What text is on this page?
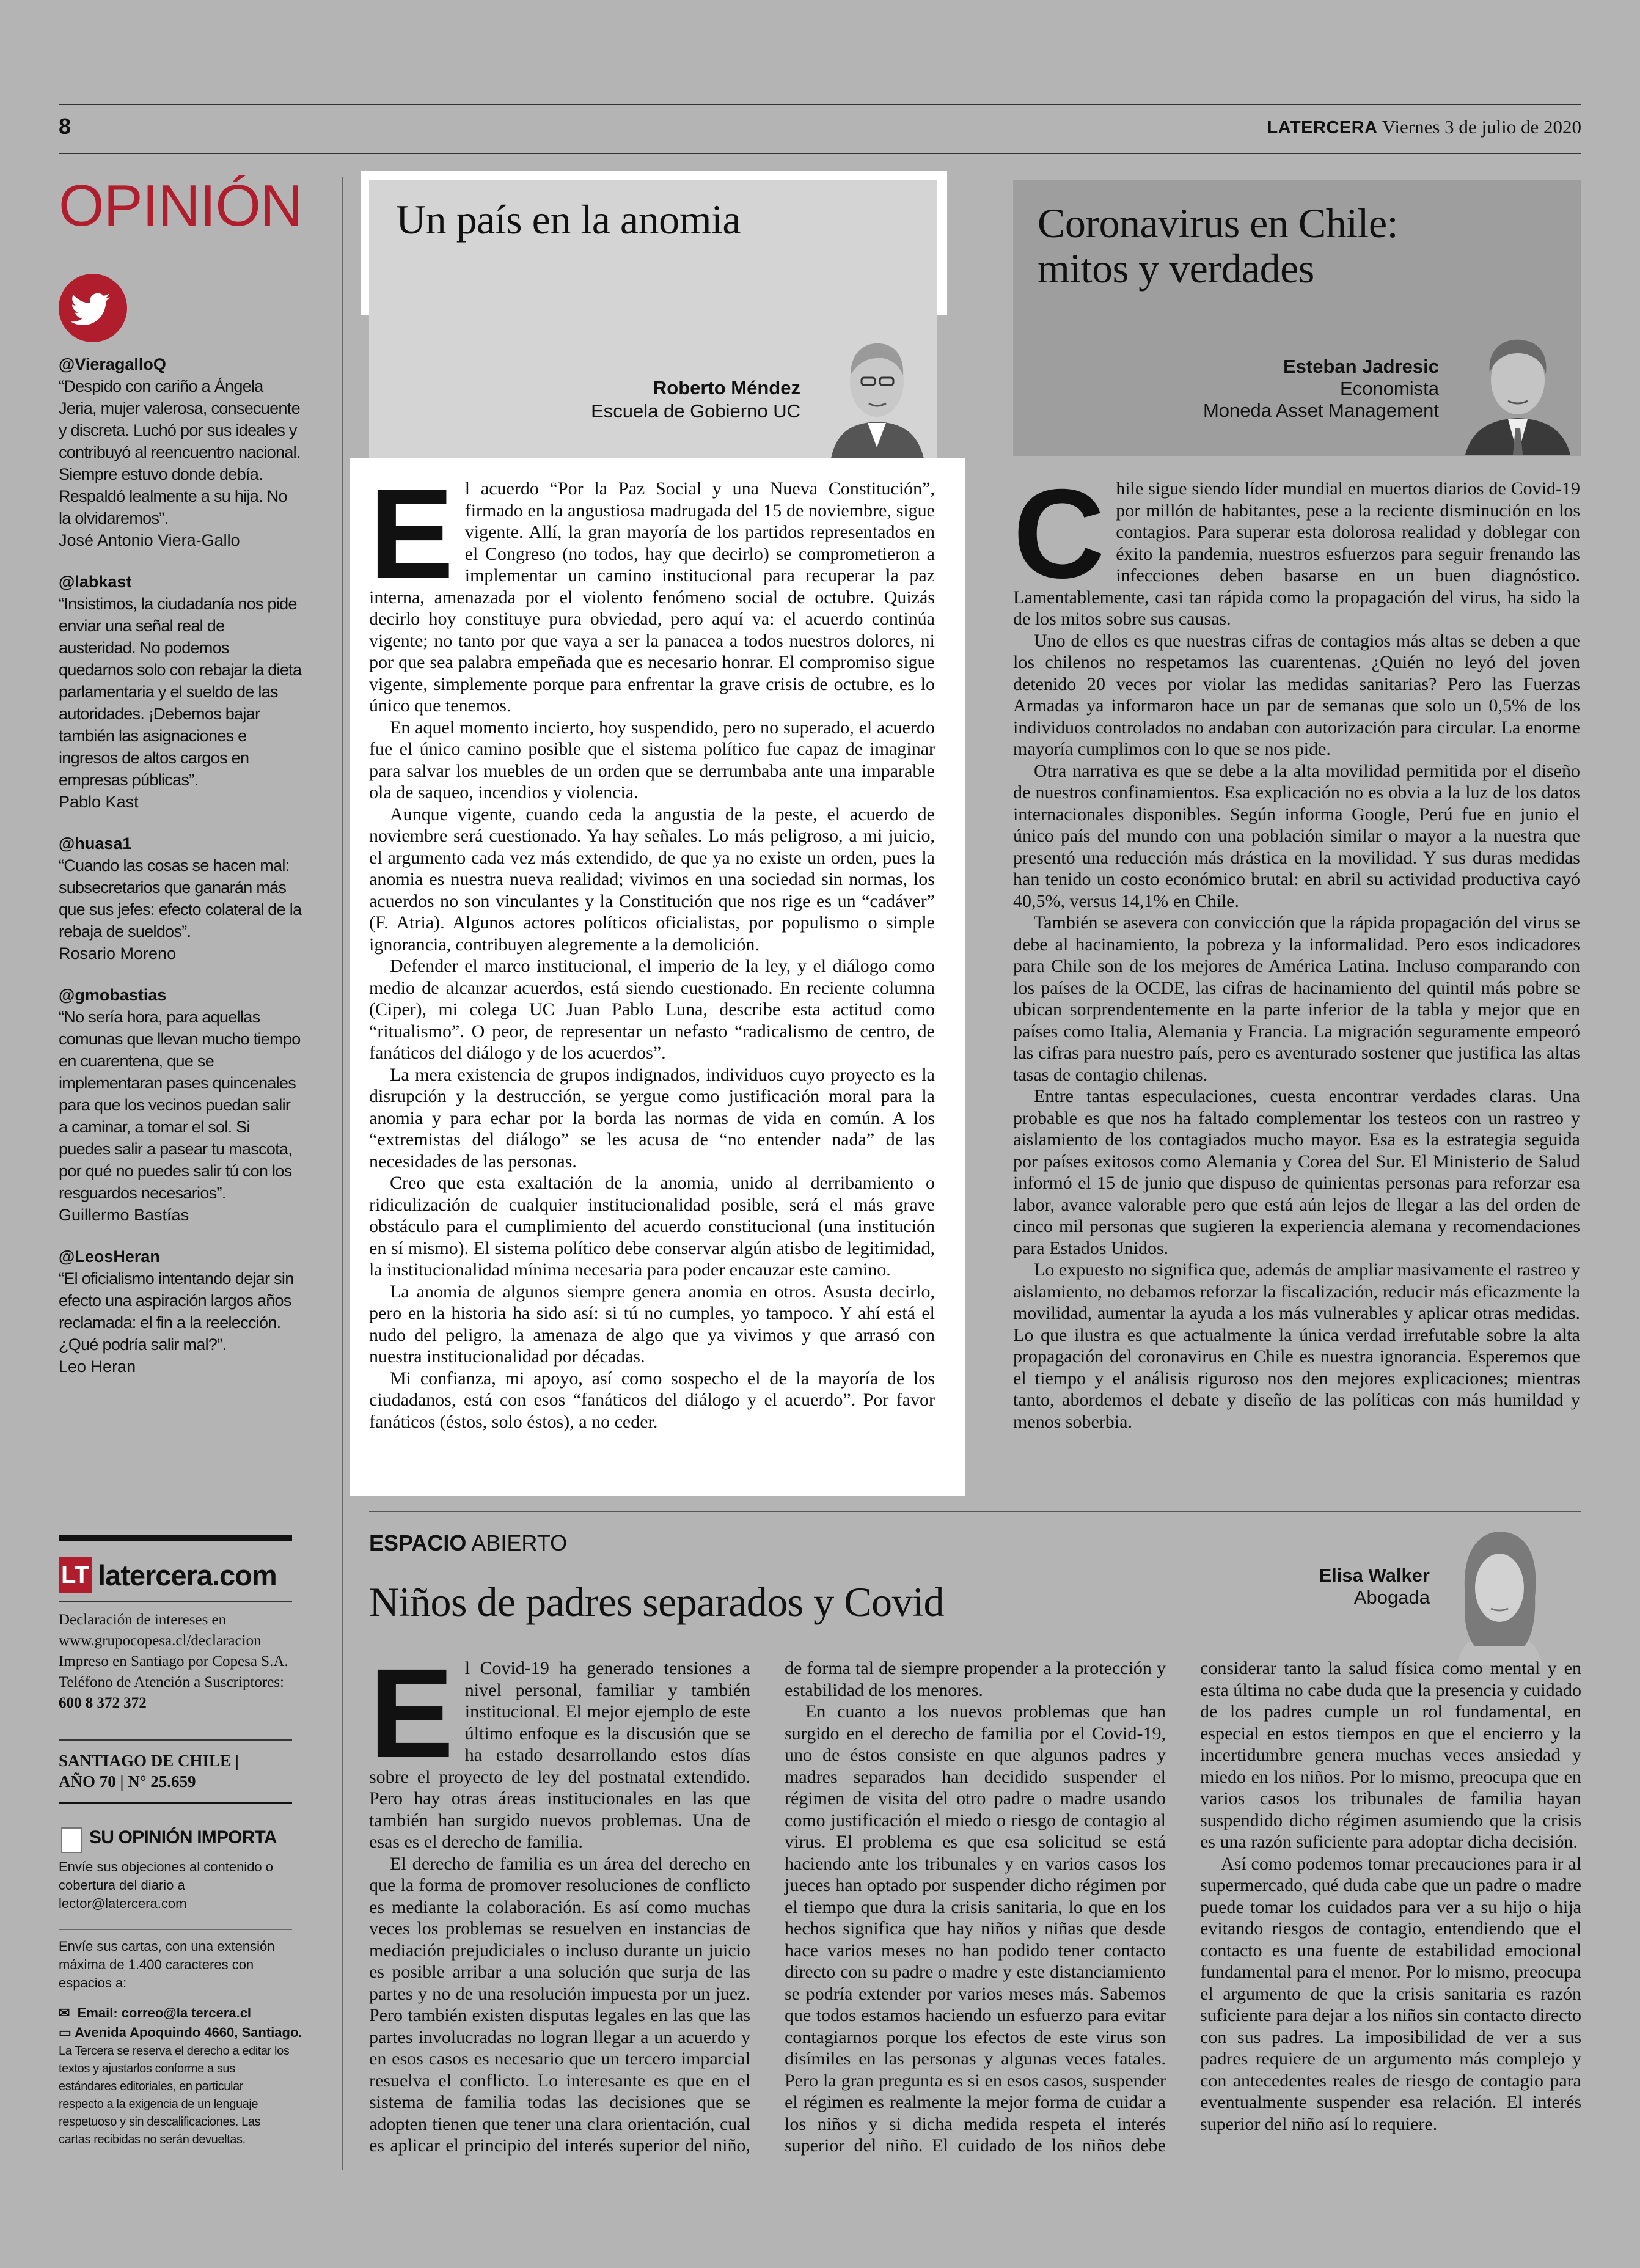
8	LATERCERA Viernes 3 de julio de 2020
OPINIÓN
@VieragalloQ
“Despido con cariño a Ángela Jeria, mujer valerosa, consecuente y discreta. Luchó por sus ideales y contribuyó al reencuentro nacional. Siempre estuvo donde debía. Respaldó lealmente a su hija. No la olvidaremos”.
José Antonio Viera-Gallo
@labkast
“Insistimos, la ciudadanía nos pide enviar una señal real de austeridad. No podemos quedarnos solo con rebajar la dieta parlamentaria y el sueldo de las autoridades. ¡Debemos bajar también las asignaciones e ingresos de altos cargos en empresas públicas”.
Pablo Kast
@huasa1
“Cuando las cosas se hacen mal: subsecretarios que ganarán más que sus jefes: efecto colateral de la rebaja de sueldos”.
Rosario Moreno
@gmobastias
“No sería hora, para aquellas comunas que llevan mucho tiempo en cuarentena, que se implementaran pases quincenales para que los vecinos puedan salir a caminar, a tomar el sol. Si puedes salir a pasear tu mascota, por qué no puedes salir tú con los resguardos necesarios”.
Guillermo Bastías
@LeosHeran
“El oficialismo intentando dejar sin efecto una aspiración largos años reclamada: el fin a la reelección. ¿Qué podría salir mal?”.
Leo Heran
LT latercera.com
Declaración de intereses en www.grupocopesa.cl/declaracion Impreso en Santiago por Copesa S.A. Teléfono de Atención a Suscriptores: 600 8 372 372
SANTIAGO DE CHILE |
AÑO 70 | N° 25.659
SU OPINIÓN IMPORTA
Envíe sus objeciones al contenido o cobertura del diario a lector@latercera.com
Envíe sus cartas, con una extensión máxima de 1.400 caracteres con espacios a:
✉ Email: correo@la tercera.cl
▭ Avenida Apoquindo 4660, Santiago.
La Tercera se reserva el derecho a editar los textos y ajustarlos conforme a sus estándares editoriales, en particular respecto a la exigencia de un lenguaje respetuoso y sin descalificaciones. Las cartas recibidas no serán devueltas.
Un país en la anomia
Roberto Méndez
Escuela de Gobierno UC

El acuerdo “Por la Paz Social y una Nueva Constitución”, firmado en la angustiosa madrugada del 15 de noviembre, sigue vigente. Allí, la gran mayoría de los partidos representados en el Congreso (no todos, hay que decirlo) se comprometieron a implementar un camino institucional para recuperar la paz interna, amenazada por el violento fenómeno social de octubre. Quizás decirlo hoy constituye pura obviedad, pero aquí va: el acuerdo continúa vigente; no tanto por que vaya a ser la panacea a todos nuestros dolores, ni por que sea palabra empeñada que es necesario honrar. El compromiso sigue vigente, simplemente porque para enfrentar la grave crisis de octubre, es lo único que tenemos.

En aquel momento incierto, hoy suspendido, pero no superado, el acuerdo fue el único camino posible que el sistema político fue capaz de imaginar para salvar los muebles de un orden que se derrumbaba ante una imparable ola de saqueo, incendios y violencia.

Aunque vigente, cuando ceda la angustia de la peste, el acuerdo de noviembre será cuestionado. Ya hay señales. Lo más peligroso, a mi juicio, el argumento cada vez más extendido, de que ya no existe un orden, pues la anomia es nuestra nueva realidad; vivimos en una sociedad sin normas, los acuerdos no son vinculantes y la Constitución que nos rige es un “cadáver” (F. Atria). Algunos actores políticos oficialistas, por populismo o simple ignorancia, contribuyen alegremente a la demolición.

Defender el marco institucional, el imperio de la ley, y el diálogo como medio de alcanzar acuerdos, está siendo cuestionado. En reciente columna (Ciper), mi colega UC Juan Pablo Luna, describe esta actitud como “ritualismo”. O peor, de representar un nefasto “radicalismo de centro, de fanáticos del diálogo y de los acuerdos”.

La mera existencia de grupos indignados, individuos cuyo proyecto es la disrupción y la destrucción, se yergue como justificación moral para la anomia y para echar por la borda las normas de vida en común. A los “extremistas del diálogo” se les acusa de “no entender nada” de las necesidades de las personas.

Creo que esta exaltación de la anomia, unido al derribamiento o ridiculización de cualquier institucionalidad posible, será el más grave obstáculo para el cumplimiento del acuerdo constitucional (una institución en sí mismo). El sistema político debe conservar algún atisbo de legitimidad, la institucionalidad mínima necesaria para poder encauzar este camino.

La anomia de algunos siempre genera anomia en otros. Asusta decirlo, pero en la historia ha sido así: si tú no cumples, yo tampoco. Y ahí está el nudo del peligro, la amenaza de algo que ya vivimos y que arrasó con nuestra institucionalidad por décadas.

Mi confianza, mi apoyo, así como sospecho el de la mayoría de los ciudadanos, está con esos “fanáticos del diálogo y el acuerdo”. Por favor fanáticos (éstos, solo éstos), a no ceder.

Coronavirus en Chile:
mitos y verdades
Esteban Jadresic
Economista
Moneda Asset Management

Chile sigue siendo líder mundial en muertos diarios de Covid-19 por millón de habitantes, pese a la reciente disminución en los contagios. Para superar esta dolorosa realidad y doblegar con éxito la pandemia, nuestros esfuerzos para seguir frenando las infecciones deben basarse en un buen diagnóstico. Lamentablemente, casi tan rápida como la propagación del virus, ha sido la de los mitos sobre sus causas.

Uno de ellos es que nuestras cifras de contagios más altas se deben a que los chilenos no respetamos las cuarentenas. ¿Quién no leyó del joven detenido 20 veces por violar las medidas sanitarias? Pero las Fuerzas Armadas ya informaron hace un par de semanas que solo un 0,5% de los individuos controlados no andaban con autorización para circular. La enorme mayoría cumplimos con lo que se nos pide.

Otra narrativa es que se debe a la alta movilidad permitida por el diseño de nuestros confinamientos. Esa explicación no es obvia a la luz de los datos internacionales disponibles. Según informa Google, Perú fue en junio el único país del mundo con una población similar o mayor a la nuestra que presentó una reducción más drástica en la movilidad. Y sus duras medidas han tenido un costo económico brutal: en abril su actividad productiva cayó 40,5%, versus 14,1% en Chile.

También se asevera con convicción que la rápida propagación del virus se debe al hacinamiento, la pobreza y la informalidad. Pero esos indicadores para Chile son de los mejores de América Latina. Incluso comparando con los países de la OCDE, las cifras de hacinamiento del quintil más pobre se ubican sorprendentemente en la parte inferior de la tabla y mejor que en países como Italia, Alemania y Francia. La migración seguramente empeoró las cifras para nuestro país, pero es aventurado sostener que justifica las altas tasas de contagio chilenas.

Entre tantas especulaciones, cuesta encontrar verdades claras. Una probable es que nos ha faltado complementar los testeos con un rastreo y aislamiento de los contagiados mucho mayor. Esa es la estrategia seguida por países exitosos como Alemania y Corea del Sur. El Ministerio de Salud informó el 15 de junio que dispuso de quinientas personas para reforzar esa labor, avance valorable pero que está aún lejos de llegar a las del orden de cinco mil personas que sugieren la experiencia alemana y recomendaciones para Estados Unidos.

Lo expuesto no significa que, además de ampliar masivamente el rastreo y aislamiento, no debamos reforzar la fiscalización, reducir más eficazmente la movilidad, aumentar la ayuda a los más vulnerables y aplicar otras medidas. Lo que ilustra es que actualmente la única verdad irrefutable sobre la alta propagación del coronavirus en Chile es nuestra ignorancia. Esperemos que el tiempo y el análisis riguroso nos den mejores explicaciones; mientras tanto, abordemos el debate y diseño de las políticas con más humildad y menos soberbia.

ESPACIO ABIERTO
Niños de padres separados y Covid
Elisa Walker
Abogada

El Covid-19 ha generado tensiones a nivel personal, familiar y también institucional. El mejor ejemplo de este último enfoque es la discusión que se ha estado desarrollando estos días sobre el proyecto de ley del postnatal extendido. Pero hay otras áreas institucionales en las que también han surgido nuevos problemas. Una de esas es el derecho de familia.

El derecho de familia es un área del derecho en que la forma de promover resoluciones de conflicto es mediante la colaboración. Es así como muchas veces los problemas se resuelven en instancias de mediación prejudiciales o incluso durante un juicio es posible arribar a una solución que surja de las partes y no de una resolución impuesta por un juez. Pero también existen disputas legales en las que las partes involucradas no logran llegar a un acuerdo y en esos casos es necesario que un tercero imparcial resuelva el conflicto. Lo interesante es que en el sistema de familia todas las decisiones que se adopten tienen que tener una clara orientación, cual es aplicar el principio del interés superior del niño, de forma tal de siempre propender a la protección y estabilidad de los menores.

En cuanto a los nuevos problemas que han surgido en el derecho de familia por el Covid-19, uno de éstos consiste en que algunos padres y madres separados han decidido suspender el régimen de visita del otro padre o madre usando como justificación el miedo o riesgo de contagio al virus. El problema es que esa solicitud se está haciendo ante los tribunales y en varios casos los jueces han optado por suspender dicho régimen por el tiempo que dura la crisis sanitaria, lo que en los hechos significa que hay niños y niñas que desde hace varios meses no han podido tener contacto directo con su padre o madre y este distanciamiento se podría extender por varios meses más. Sabemos que todos estamos haciendo un esfuerzo para evitar contagiarnos porque los efectos de este virus son disímiles en las personas y algunas veces fatales. Pero la gran pregunta es si en esos casos, suspender el régimen es realmente la mejor forma de cuidar a los niños y si dicha medida respeta el interés superior del niño. El cuidado de los niños debe considerar tanto la salud física como mental y en esta última no cabe duda que la presencia y cuidado de los padres cumple un rol fundamental, en especial en estos tiempos en que el encierro y la incertidumbre genera muchas veces ansiedad y miedo en los niños. Por lo mismo, preocupa que en varios casos los tribunales de familia hayan suspendido dicho régimen asumiendo que la crisis es una razón suficiente para adoptar dicha decisión.

Así como podemos tomar precauciones para ir al supermercado, qué duda cabe que un padre o madre puede tomar los cuidados para ver a su hijo o hija evitando riesgos de contagio, entendiendo que el contacto es una fuente de estabilidad emocional fundamental para el menor. Por lo mismo, preocupa el argumento de que la crisis sanitaria es razón suficiente para dejar a los niños sin contacto directo con sus padres. La imposibilidad de ver a sus padres requiere de un argumento más complejo y con antecedentes reales de riesgo de contagio para eventualmente suspender esa relación. El interés superior del niño así lo requiere.
